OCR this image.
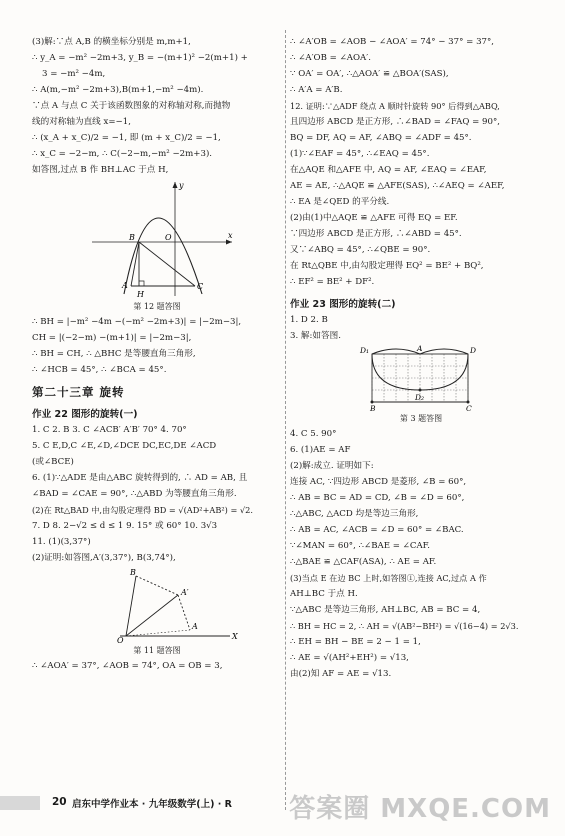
(3)解:∵点 A,B 的横坐标分别是 m,m+1,
∴ y_A = −m² −2m+3, y_B = −(m+1)² −2(m+1) +
3 = −m² −4m,
∴ A(m,−m² −2m+3),B(m+1,−m² −4m).
∵点 A 与点 C 关于该函数图象的对称轴对称,而抛物
线的对称轴为直线 x=−1,
∴ (x_A + x_C)/2 = −1, 即 (m + x_C)/2 = −1,
∴ x_C = −2−m, ∴ C(−2−m,−m² −2m+3).
如答图,过点 B 作 BH⊥AC 于点 H,
y
B	O	x
A
H
C
第 12 题答图
∴ BH = |−m² −4m −(−m² −2m+3)| = |−2m−3|,
CH = |(−2−m) −(m+1)| = |−2m−3|,
∴ BH = CH, ∴ △BHC 是等腰直角三角形,
∴ ∠HCB = 45°, ∴ ∠BCA = 45°.
第二十三章 旋转
作业 22 图形的旋转(一)
1. C 2. B 3. C ∠ACB′ A′B′ 70° 4. 70°
5. C E,D,C ∠E,∠D,∠DCE DC,EC,DE ∠ACD
(或∠BCE)
6. (1)∵△ADE 是由△ABC 旋转得到的, ∴ AD = AB, 且
∠BAD = ∠CAE = 90°, ∴△ABD 为等腰直角三角形.
(2)在 Rt△BAD 中,由勾股定理得 BD = √(AD²+AB²) = √2.
7. D 8. 2−√2 ≤ d ≤ 1 9. 15° 或 60° 10. 3√3
11. (1)(3,37°)
(2)证明:如答图,A′(3,37°), B(3,74°),
B
A′
A
O	X
第 11 题答图
∴ ∠AOA′ = 37°, ∠AOB = 74°, OA = OB = 3,
∴ ∠A′OB = ∠AOB − ∠AOA′ = 74° − 37° = 37°,
∴ ∠A′OB = ∠AOA′.
∵ OA′ = OA′, ∴△AOA′ ≌ △BOA′(SAS),
∴ A′A = A′B.
12. 证明:∵△ADF 绕点 A 顺时针旋转 90° 后得到△ABQ,
且四边形 ABCD 是正方形, ∴∠BAD = ∠FAQ = 90°,
BQ = DF, AQ = AF, ∠ABQ = ∠ADF = 45°.
(1)∵∠EAF = 45°, ∴∠EAQ = 45°.
在△AQE 和△AFE 中, AQ = AF, ∠EAQ = ∠EAF,
AE = AE, ∴△AQE ≌ △AFE(SAS), ∴∠AEQ = ∠AEF,
∴ EA 是∠QED 的平分线.
(2)由(1)中△AQE ≌ △AFE 可得 EQ = EF.
∵四边形 ABCD 是正方形, ∴∠ABD = 45°.
又∵∠ABQ = 45°, ∴∠QBE = 90°.
在 Rt△QBE 中,由勾股定理得 EQ² = BE² + BQ²,
∴ EF² = BE² + DF².
作业 23 图形的旋转(二)
1. D 2. B
3. 解:如答图.
D₁	A	D
B
D₂
C
第 3 题答图
4. C 5. 90°
6. (1)AE = AF
(2)解:成立. 证明如下:
连接 AC, ∵四边形 ABCD 是菱形, ∠B = 60°,
∴ AB = BC = AD = CD, ∠B = ∠D = 60°,
∴△ABC, △ACD 均是等边三角形,
∴ AB = AC, ∠ACB = ∠D = 60° = ∠BAC.
∵∠MAN = 60°, ∴∠BAE = ∠CAF.
∴△BAE ≌ △CAF(ASA), ∴ AE = AF.
(3)当点 E 在边 BC 上时,如答图①,连接 AC,过点 A 作
AH⊥BC 于点 H.
∵△ABC 是等边三角形, AH⊥BC, AB = BC = 4,
∴ BH = HC = 2, ∴ AH = √(AB²−BH²) = √(16−4) = 2√3.
∴ EH = BH − BE = 2 − 1 = 1,
∴ AE = √(AH²+EH²) = √13,
由(2)知 AF = AE = √13.
20 启东中学作业本 · 九年级数学(上) · R 答案圈 MXQE.COM
